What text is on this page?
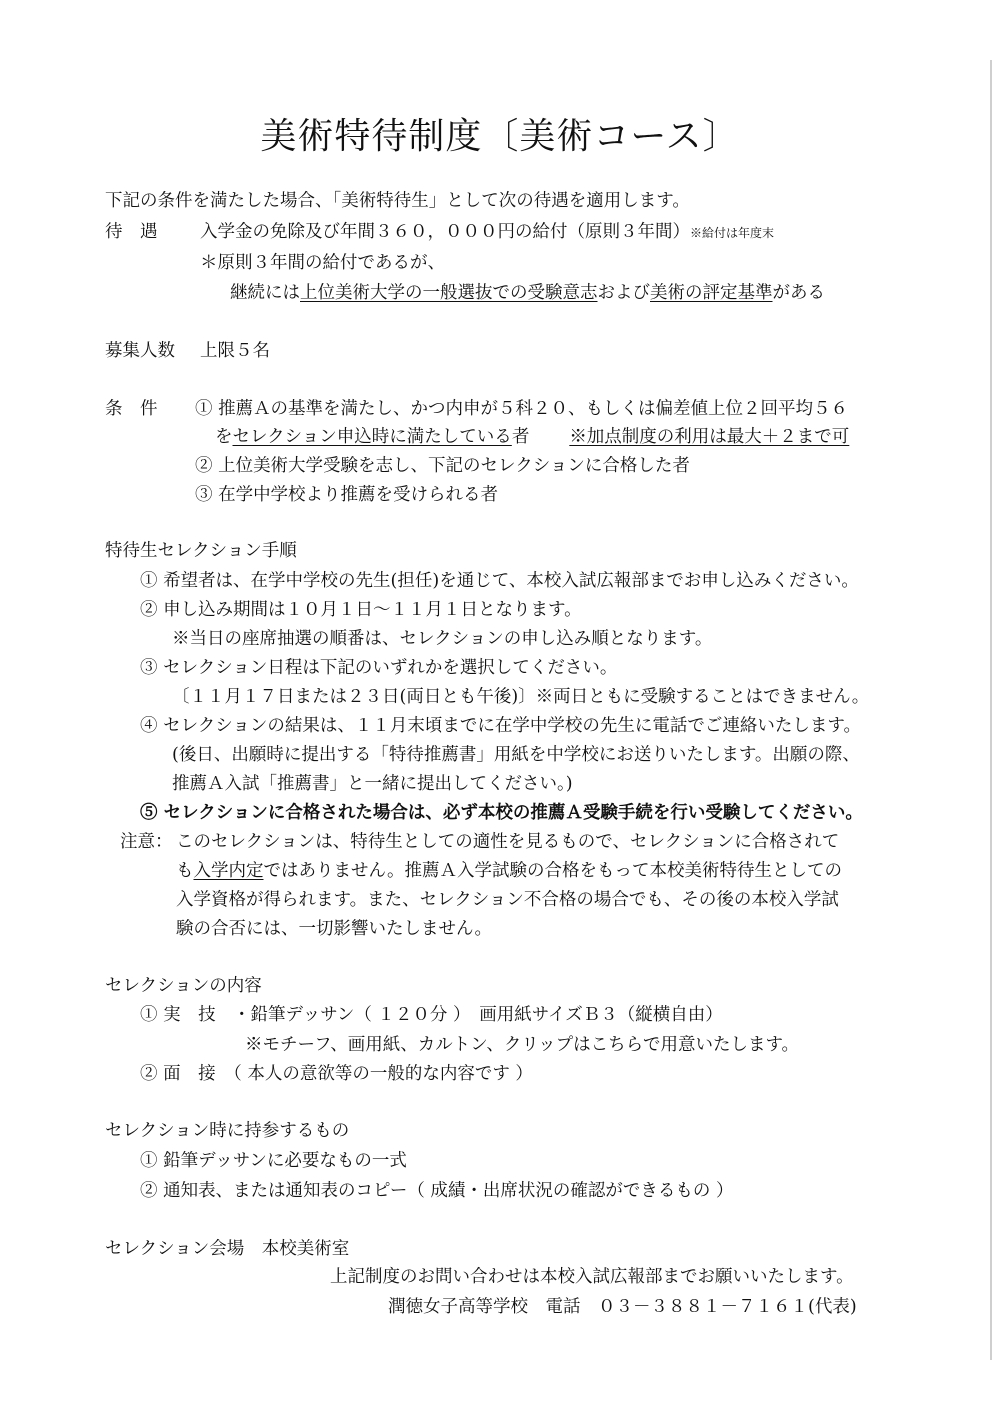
美術特待制度〔美術コース〕
下記の条件を満たした場合、「美術特待生」として次の待遇を適用します。
待　遇 入学金の免除及び年間３６０，０００円の給付（原則３年間）※給付は年度末
＊原則３年間の給付であるが、
継続には上位美術大学の一般選抜での受験意志および美術の評定基準がある
募集人数 上限５名
条　件 ① 推薦Ａの基準を満たし、かつ内申が５科２０、もしくは偏差値上位２回平均５６
をセレクション申込時に満たしている者 ※加点制度の利用は最大＋２まで可
② 上位美術大学受験を志し、下記のセレクションに合格した者
③ 在学中学校より推薦を受けられる者
特待生セレクション手順
① 希望者は、在学中学校の先生(担任)を通じて、本校入試広報部までお申し込みください。
② 申し込み期間は１０月１日～１１月１日となります。
※当日の座席抽選の順番は、セレクションの申し込み順となります。
③ セレクション日程は下記のいずれかを選択してください。
〔１１月１７日または２３日(両日とも午後)〕※両日ともに受験することはできません。
④ セレクションの結果は、１１月末頃までに在学中学校の先生に電話でご連絡いたします。
(後日、出願時に提出する「特待推薦書」用紙を中学校にお送りいたします。出願の際、
推薦Ａ入試「推薦書」と一緒に提出してください。)
⑤ セレクションに合格された場合は、必ず本校の推薦Ａ受験手続を行い受験してください。
注意： このセレクションは、特待生としての適性を見るもので、セレクションに合格されて
も入学内定ではありません。推薦Ａ入学試験の合格をもって本校美術特待生としての
入学資格が得られます。また、セレクション不合格の場合でも、その後の本校入学試
験の合否には、一切影響いたしません。
セレクションの内容
① 実　技　・鉛筆デッサン（ １２０分 ）　画用紙サイズＢ３（縦横自由）
※モチーフ、画用紙、カルトン、クリップはこちらで用意いたします。
② 面　接　（ 本人の意欲等の一般的な内容です ）
セレクション時に持参するもの
① 鉛筆デッサンに必要なもの一式
② 通知表、または通知表のコピー（ 成績・出席状況の確認ができるもの ）
セレクション会場　本校美術室
上記制度のお問い合わせは本校入試広報部までお願いいたします。
潤徳女子高等学校　電話　０３－３８８１－７１６１(代表)
